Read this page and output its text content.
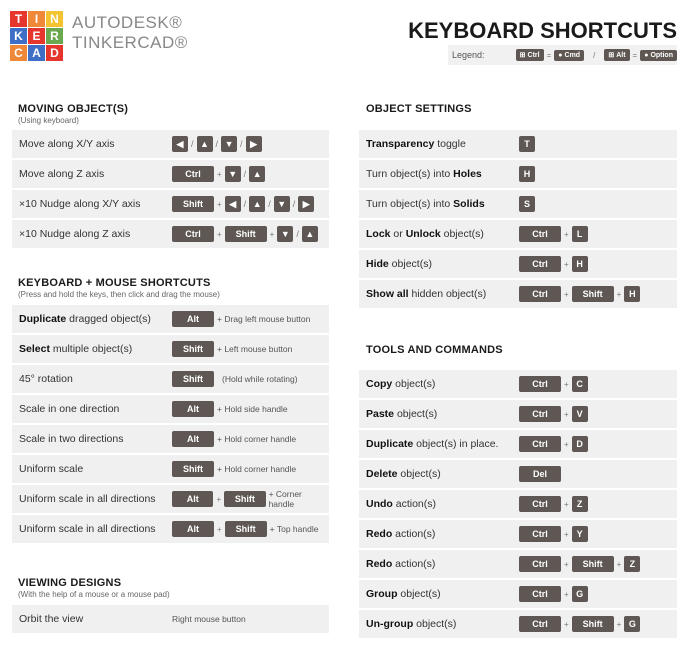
T	I N
K E R
C A D
AUTODESK®
TINKERCAD®	KEYBOARD SHORTCUTS
Legend:	⊞ Ctrl = ● Cmd / ⊞ Alt = ● Option
MOVING OBJECT(S)
(Using keyboard)
Move along X/Y axis	◀ / ▲ / ▼ / ▶
Move along Z axis	Ctrl	+ ▼ / ▲
×10 Nudge along X/Y axis	Shift	+ ◀ / ▲ / ▼ / ▶
×10 Nudge along Z axis	Ctrl	+	Shift	+ ▼ / ▲
KEYBOARD + MOUSE SHORTCUTS
(Press and hold the keys, then click and drag the mouse)
Duplicate dragged object(s)	Alt	+ Drag left mouse button
Select multiple object(s)	Shift	+ Left mouse button
45° rotation	Shift	(Hold while rotating)
Scale in one direction	Alt	+ Hold side handle
Scale in two directions	Alt	+ Hold corner handle
Uniform scale	Shift	+ Hold corner handle
Uniform scale in all directions	Alt	+	Shift	+ Corner handle
Uniform scale in all directions	Alt	+	Shift	+ Top handle
VIEWING DESIGNS
(With the help of a mouse or a mouse pad)
Orbit the view	Right mouse button
OBJECT SETTINGS
Transparency toggle	T
Turn object(s) into Holes	H
Turn object(s) into Solids	S
Lock or Unlock object(s)	Ctrl	+ L
Hide object(s)	Ctrl	+ H
Show all hidden object(s)	Ctrl	+	Shift	+ H
TOOLS AND COMMANDS
Copy object(s)	Ctrl	+ C
Paste object(s)	Ctrl	+ V
Duplicate object(s) in place.	Ctrl	+ D
Delete object(s)	Del
Undo action(s)	Ctrl	+ Z
Redo action(s)	Ctrl	+ Y
Redo action(s)	Ctrl	+	Shift	+ Z
Group object(s)	Ctrl	+ G
Un-group object(s)	Ctrl	+	Shift	+ G
